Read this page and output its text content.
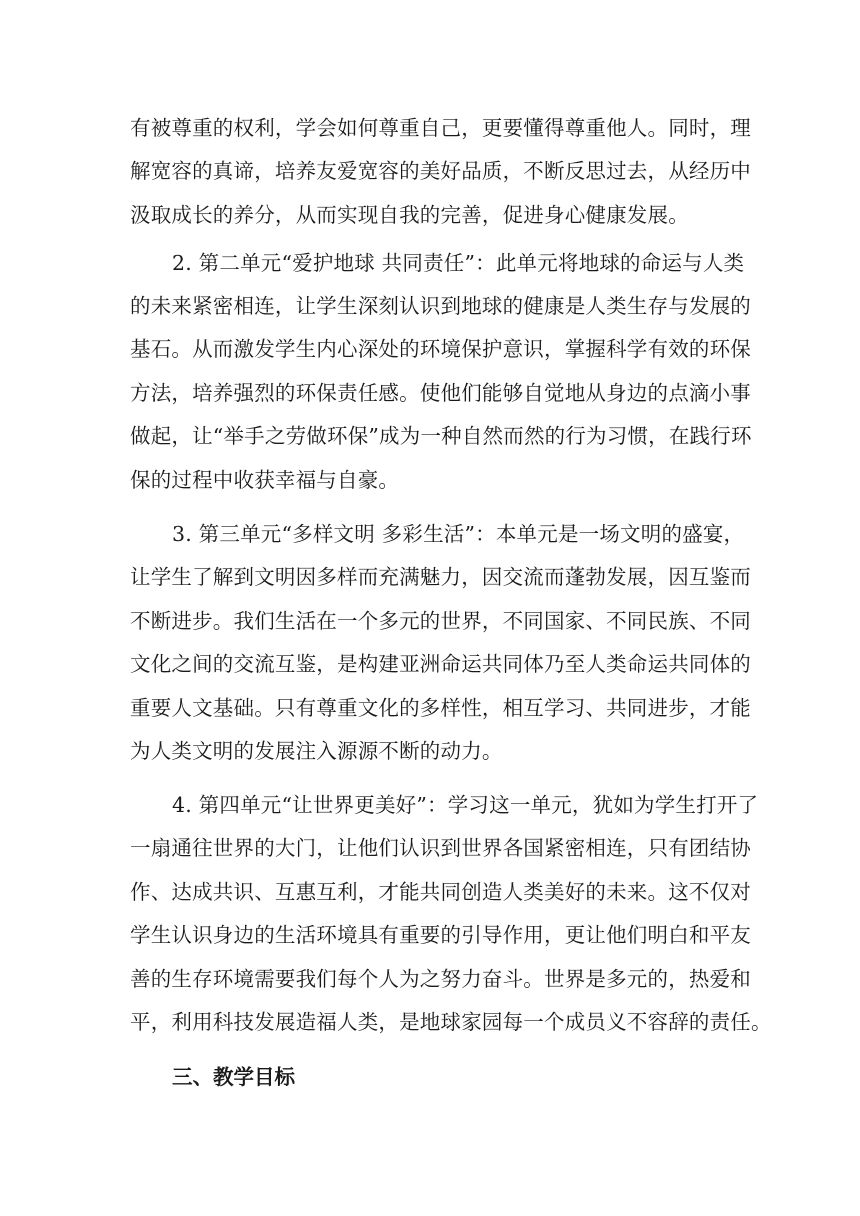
有被尊重的权利，学会如何尊重自己，更要懂得尊重他人。同时，理
解宽容的真谛，培养友爱宽容的美好品质，不断反思过去，从经历中
汲取成长的养分，从而实现自我的完善，促进身心健康发展。
2. 第二单元“爱护地球 共同责任”：此单元将地球的命运与人类
的未来紧密相连，让学生深刻认识到地球的健康是人类生存与发展的
基石。从而激发学生内心深处的环境保护意识，掌握科学有效的环保
方法，培养强烈的环保责任感。使他们能够自觉地从身边的点滴小事
做起，让“举手之劳做环保”成为一种自然而然的行为习惯，在践行环
保的过程中收获幸福与自豪。
3. 第三单元“多样文明 多彩生活”：本单元是一场文明的盛宴，
让学生了解到文明因多样而充满魅力，因交流而蓬勃发展，因互鉴而
不断进步。我们生活在一个多元的世界，不同国家、不同民族、不同
文化之间的交流互鉴，是构建亚洲命运共同体乃至人类命运共同体的
重要人文基础。只有尊重文化的多样性，相互学习、共同进步，才能
为人类文明的发展注入源源不断的动力。
4. 第四单元“让世界更美好”：学习这一单元，犹如为学生打开了
一扇通往世界的大门，让他们认识到世界各国紧密相连，只有团结协
作、达成共识、互惠互利，才能共同创造人类美好的未来。这不仅对
学生认识身边的生活环境具有重要的引导作用，更让他们明白和平友
善的生存环境需要我们每个人为之努力奋斗。世界是多元的，热爱和
平，利用科技发展造福人类，是地球家园每一个成员义不容辞的责任。
三、教学目标
